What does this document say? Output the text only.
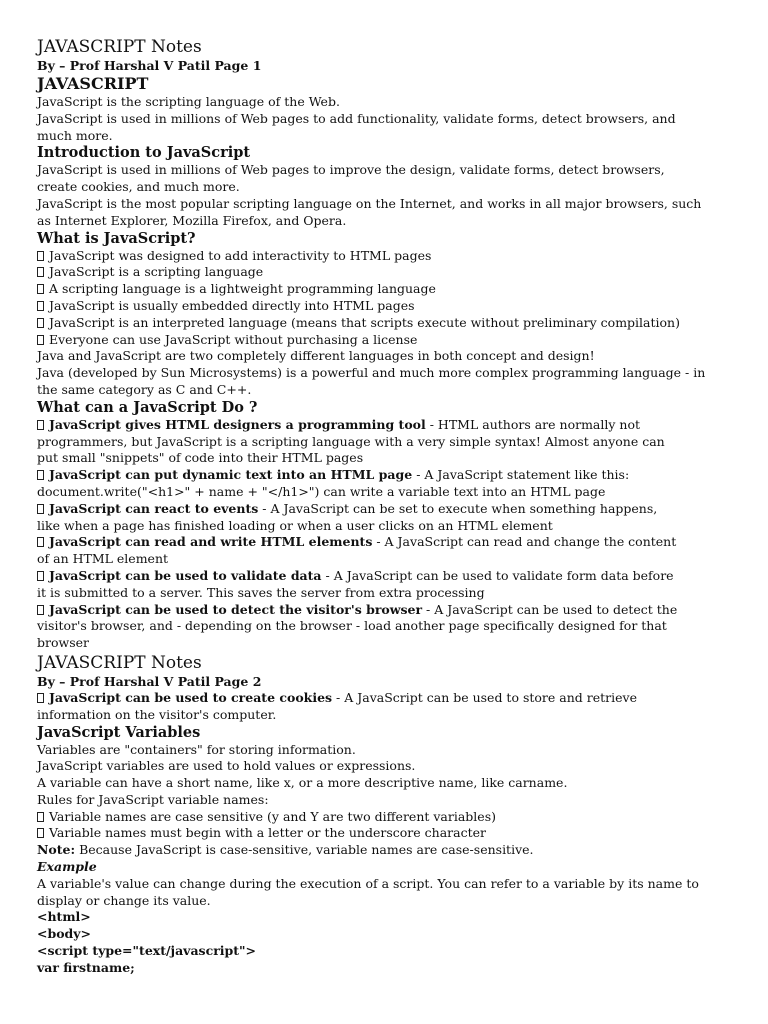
JAVASCRIPT Notes
By – Prof Harshal V Patil Page 1
JAVASCRIPT
JavaScript is the scripting language of the Web.
JavaScript is used in millions of Web pages to add functionality, validate forms, detect browsers, and much more.
Introduction to JavaScript
JavaScript is used in millions of Web pages to improve the design, validate forms, detect browsers, create cookies, and much more.
JavaScript is the most popular scripting language on the Internet, and works in all major browsers, such as Internet Explorer, Mozilla Firefox, and Opera.
What is JavaScript?
JavaScript was designed to add interactivity to HTML pages
JavaScript is a scripting language
A scripting language is a lightweight programming language
JavaScript is usually embedded directly into HTML pages
JavaScript is an interpreted language (means that scripts execute without preliminary compilation)
Everyone can use JavaScript without purchasing a license
Java and JavaScript are two completely different languages in both concept and design!
Java (developed by Sun Microsystems) is a powerful and much more complex programming language - in the same category as C and C++.
What can a JavaScript Do ?
JavaScript gives HTML designers a programming tool - HTML authors are normally not
programmers, but JavaScript is a scripting language with a very simple syntax! Almost anyone can
put small "snippets" of code into their HTML pages
JavaScript can put dynamic text into an HTML page - A JavaScript statement like this:
document.write("<h1>" + name + "</h1>") can write a variable text into an HTML page
JavaScript can react to events - A JavaScript can be set to execute when something happens,
like when a page has finished loading or when a user clicks on an HTML element
JavaScript can read and write HTML elements - A JavaScript can read and change the content
of an HTML element
JavaScript can be used to validate data - A JavaScript can be used to validate form data before
it is submitted to a server. This saves the server from extra processing
JavaScript can be used to detect the visitor's browser - A JavaScript can be used to detect the
visitor's browser, and - depending on the browser - load another page specifically designed for that
browser
JAVASCRIPT Notes
By – Prof Harshal V Patil Page 2
JavaScript can be used to create cookies - A JavaScript can be used to store and retrieve
information on the visitor's computer.
JavaScript Variables
Variables are "containers" for storing information.
JavaScript variables are used to hold values or expressions.
A variable can have a short name, like x, or a more descriptive name, like carname.
Rules for JavaScript variable names:
Variable names are case sensitive (y and Y are two different variables)
Variable names must begin with a letter or the underscore character
Note: Because JavaScript is case-sensitive, variable names are case-sensitive.
Example
A variable's value can change during the execution of a script. You can refer to a variable by its name to display or change its value.
<html>
<body>
<script type="text/javascript">
var firstname;
